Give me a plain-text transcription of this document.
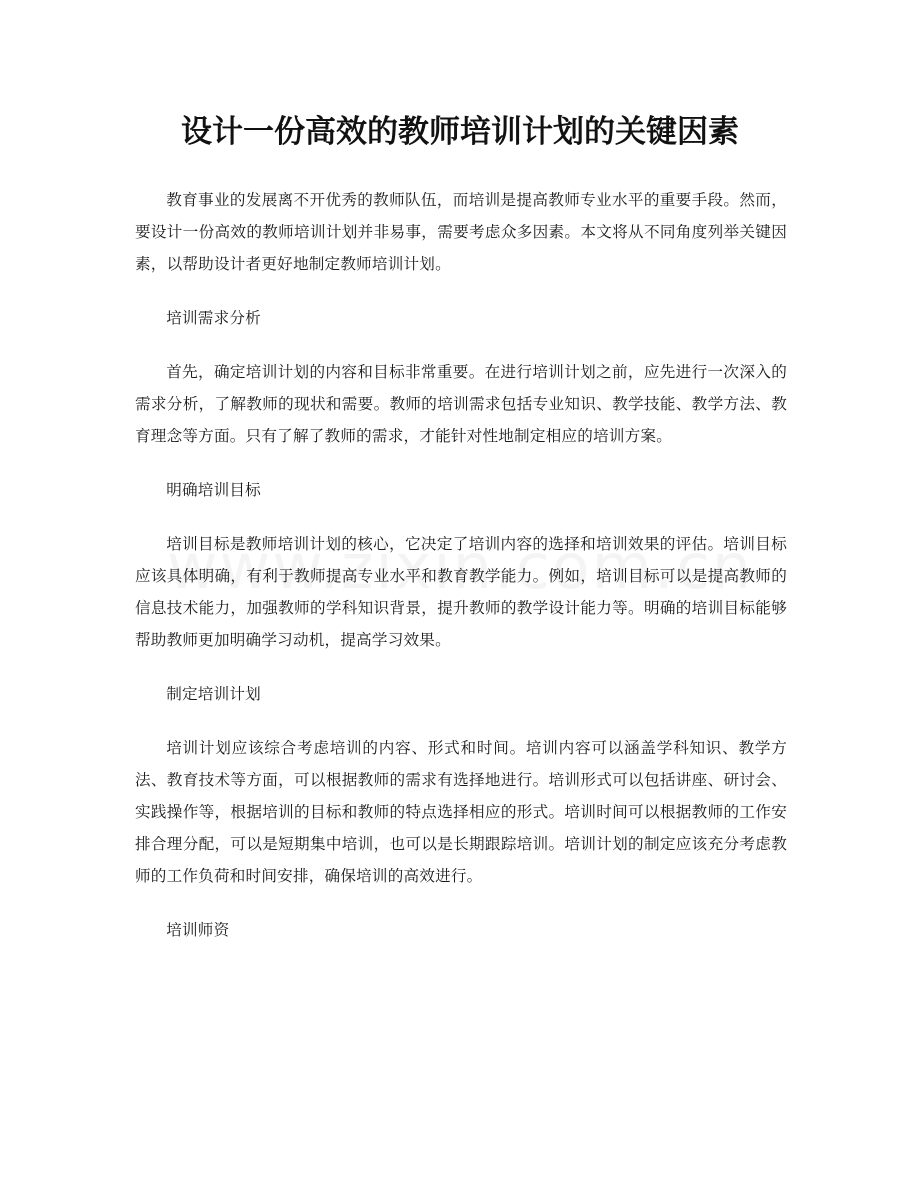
设计一份高效的教师培训计划的关键因素

教育事业的发展离不开优秀的教师队伍，而培训是提高教师专业水平的重要手段。然而，要设计一份高效的教师培训计划并非易事，需要考虑众多因素。本文将从不同角度列举关键因素，以帮助设计者更好地制定教师培训计划。

培训需求分析

首先，确定培训计划的内容和目标非常重要。在进行培训计划之前，应先进行一次深入的需求分析，了解教师的现状和需要。教师的培训需求包括专业知识、教学技能、教学方法、教育理念等方面。只有了解了教师的需求，才能针对性地制定相应的培训方案。

明确培训目标

培训目标是教师培训计划的核心，它决定了培训内容的选择和培训效果的评估。培训目标应该具体明确，有利于教师提高专业水平和教育教学能力。例如，培训目标可以是提高教师的信息技术能力，加强教师的学科知识背景，提升教师的教学设计能力等。明确的培训目标能够帮助教师更加明确学习动机，提高学习效果。

制定培训计划

培训计划应该综合考虑培训的内容、形式和时间。培训内容可以涵盖学科知识、教学方法、教育技术等方面，可以根据教师的需求有选择地进行。培训形式可以包括讲座、研讨会、实践操作等，根据培训的目标和教师的特点选择相应的形式。培训时间可以根据教师的工作安排合理分配，可以是短期集中培训，也可以是长期跟踪培训。培训计划的制定应该充分考虑教师的工作负荷和时间安排，确保培训的高效进行。

培训师资
